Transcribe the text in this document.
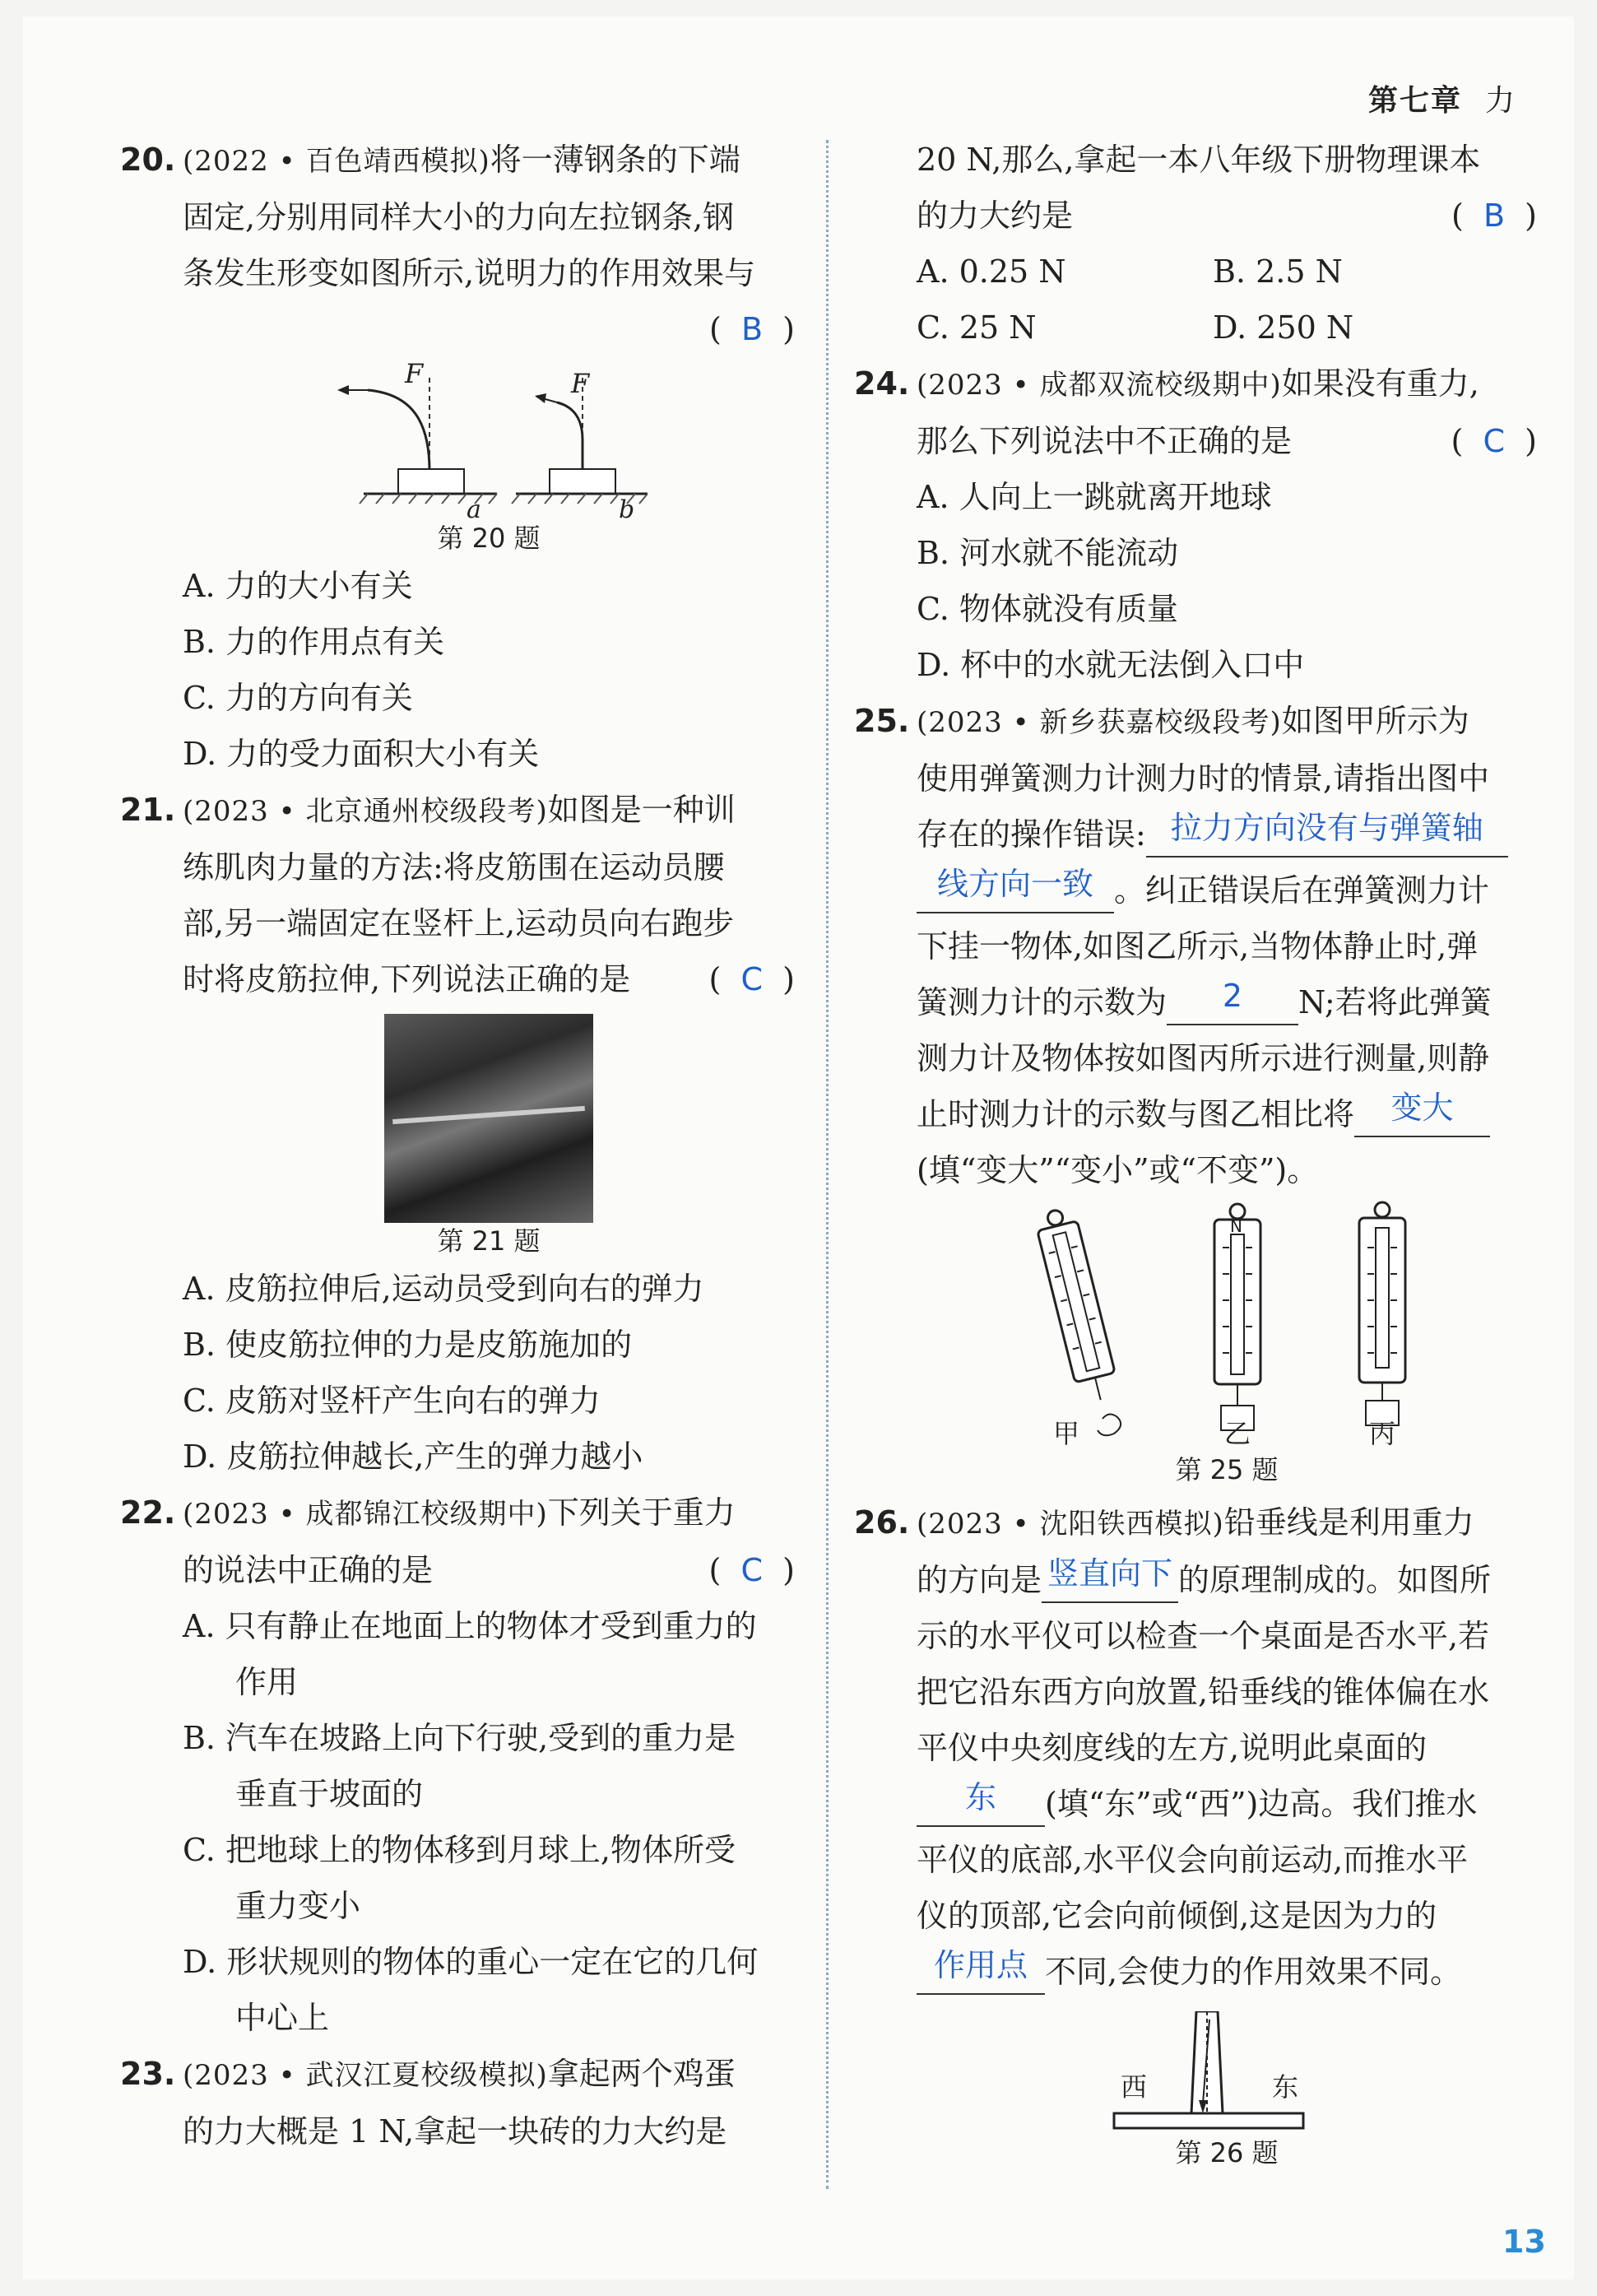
第七章 力
13

20. (2022 • 百色靖西模拟)将一薄钢条的下端

固定,分别用同样大小的力向左拉钢条,钢

条发生形变如图所示,说明力的作用效果与

(  B  )

F	F
a	b
第 20 题

A. 力的大小有关

B. 力的作用点有关

C. 力的方向有关

D. 力的受力面积大小有关

21. (2023 • 北京通州校级段考)如图是一种训

练肌肉力量的方法:将皮筋围在运动员腰

部,另一端固定在竖杆上,运动员向右跑步

时将皮筋拉伸,下列说法正确的是	(  C  )

第 21 题

A. 皮筋拉伸后,运动员受到向右的弹力

B. 使皮筋拉伸的力是皮筋施加的

C. 皮筋对竖杆产生向右的弹力

D. 皮筋拉伸越长,产生的弹力越小

22. (2023 • 成都锦江校级期中)下列关于重力

的说法中正确的是	(  C  )

A. 只有静止在地面上的物体才受到重力的

作用

B. 汽车在坡路上向下行驶,受到的重力是

垂直于坡面的

C. 把地球上的物体移到月球上,物体所受

重力变小

D. 形状规则的物体的重心一定在它的几何

中心上

23. (2023 • 武汉江夏校级模拟)拿起两个鸡蛋

的力大概是 1 N,拿起一块砖的力大约是

20 N,那么,拿起一本八年级下册物理课本

的力大约是	(  B  )

A. 0.25 N	B. 2.5 N

C. 25 N	D. 250 N

24. (2023 • 成都双流校级期中)如果没有重力,

那么下列说法中不正确的是	(  C  )

A. 人向上一跳就离开地球

B. 河水就不能流动

C. 物体就没有质量

D. 杯中的水就无法倒入口中

25. (2023 • 新乡获嘉校级段考)如图甲所示为

使用弹簧测力计测力时的情景,请指出图中

存在的操作错误: 拉力方向没有与弹簧轴

线方向一致 。纠正错误后在弹簧测力计

下挂一物体,如图乙所示,当物体静止时,弹

簧测力计的示数为 2 N;若将此弹簧

测力计及物体按如图丙所示进行测量,则静

止时测力计的示数与图乙相比将 变大

(填“变大”“变小”或“不变”)。

N
甲	乙	丙
第 25 题

26. (2023 • 沈阳铁西模拟)铅垂线是利用重力

的方向是 竖直向下 的原理制成的。如图所

示的水平仪可以检查一个桌面是否水平,若

把它沿东西方向放置,铅垂线的锥体偏在水

平仪中央刻度线的左方,说明此桌面的

东 (填“东”或“西”)边高。我们推水

平仪的底部,水平仪会向前运动,而推水平

仪的顶部,它会向前倾倒,这是因为力的

作用点 不同,会使力的作用效果不同。

西	东
第 26 题
